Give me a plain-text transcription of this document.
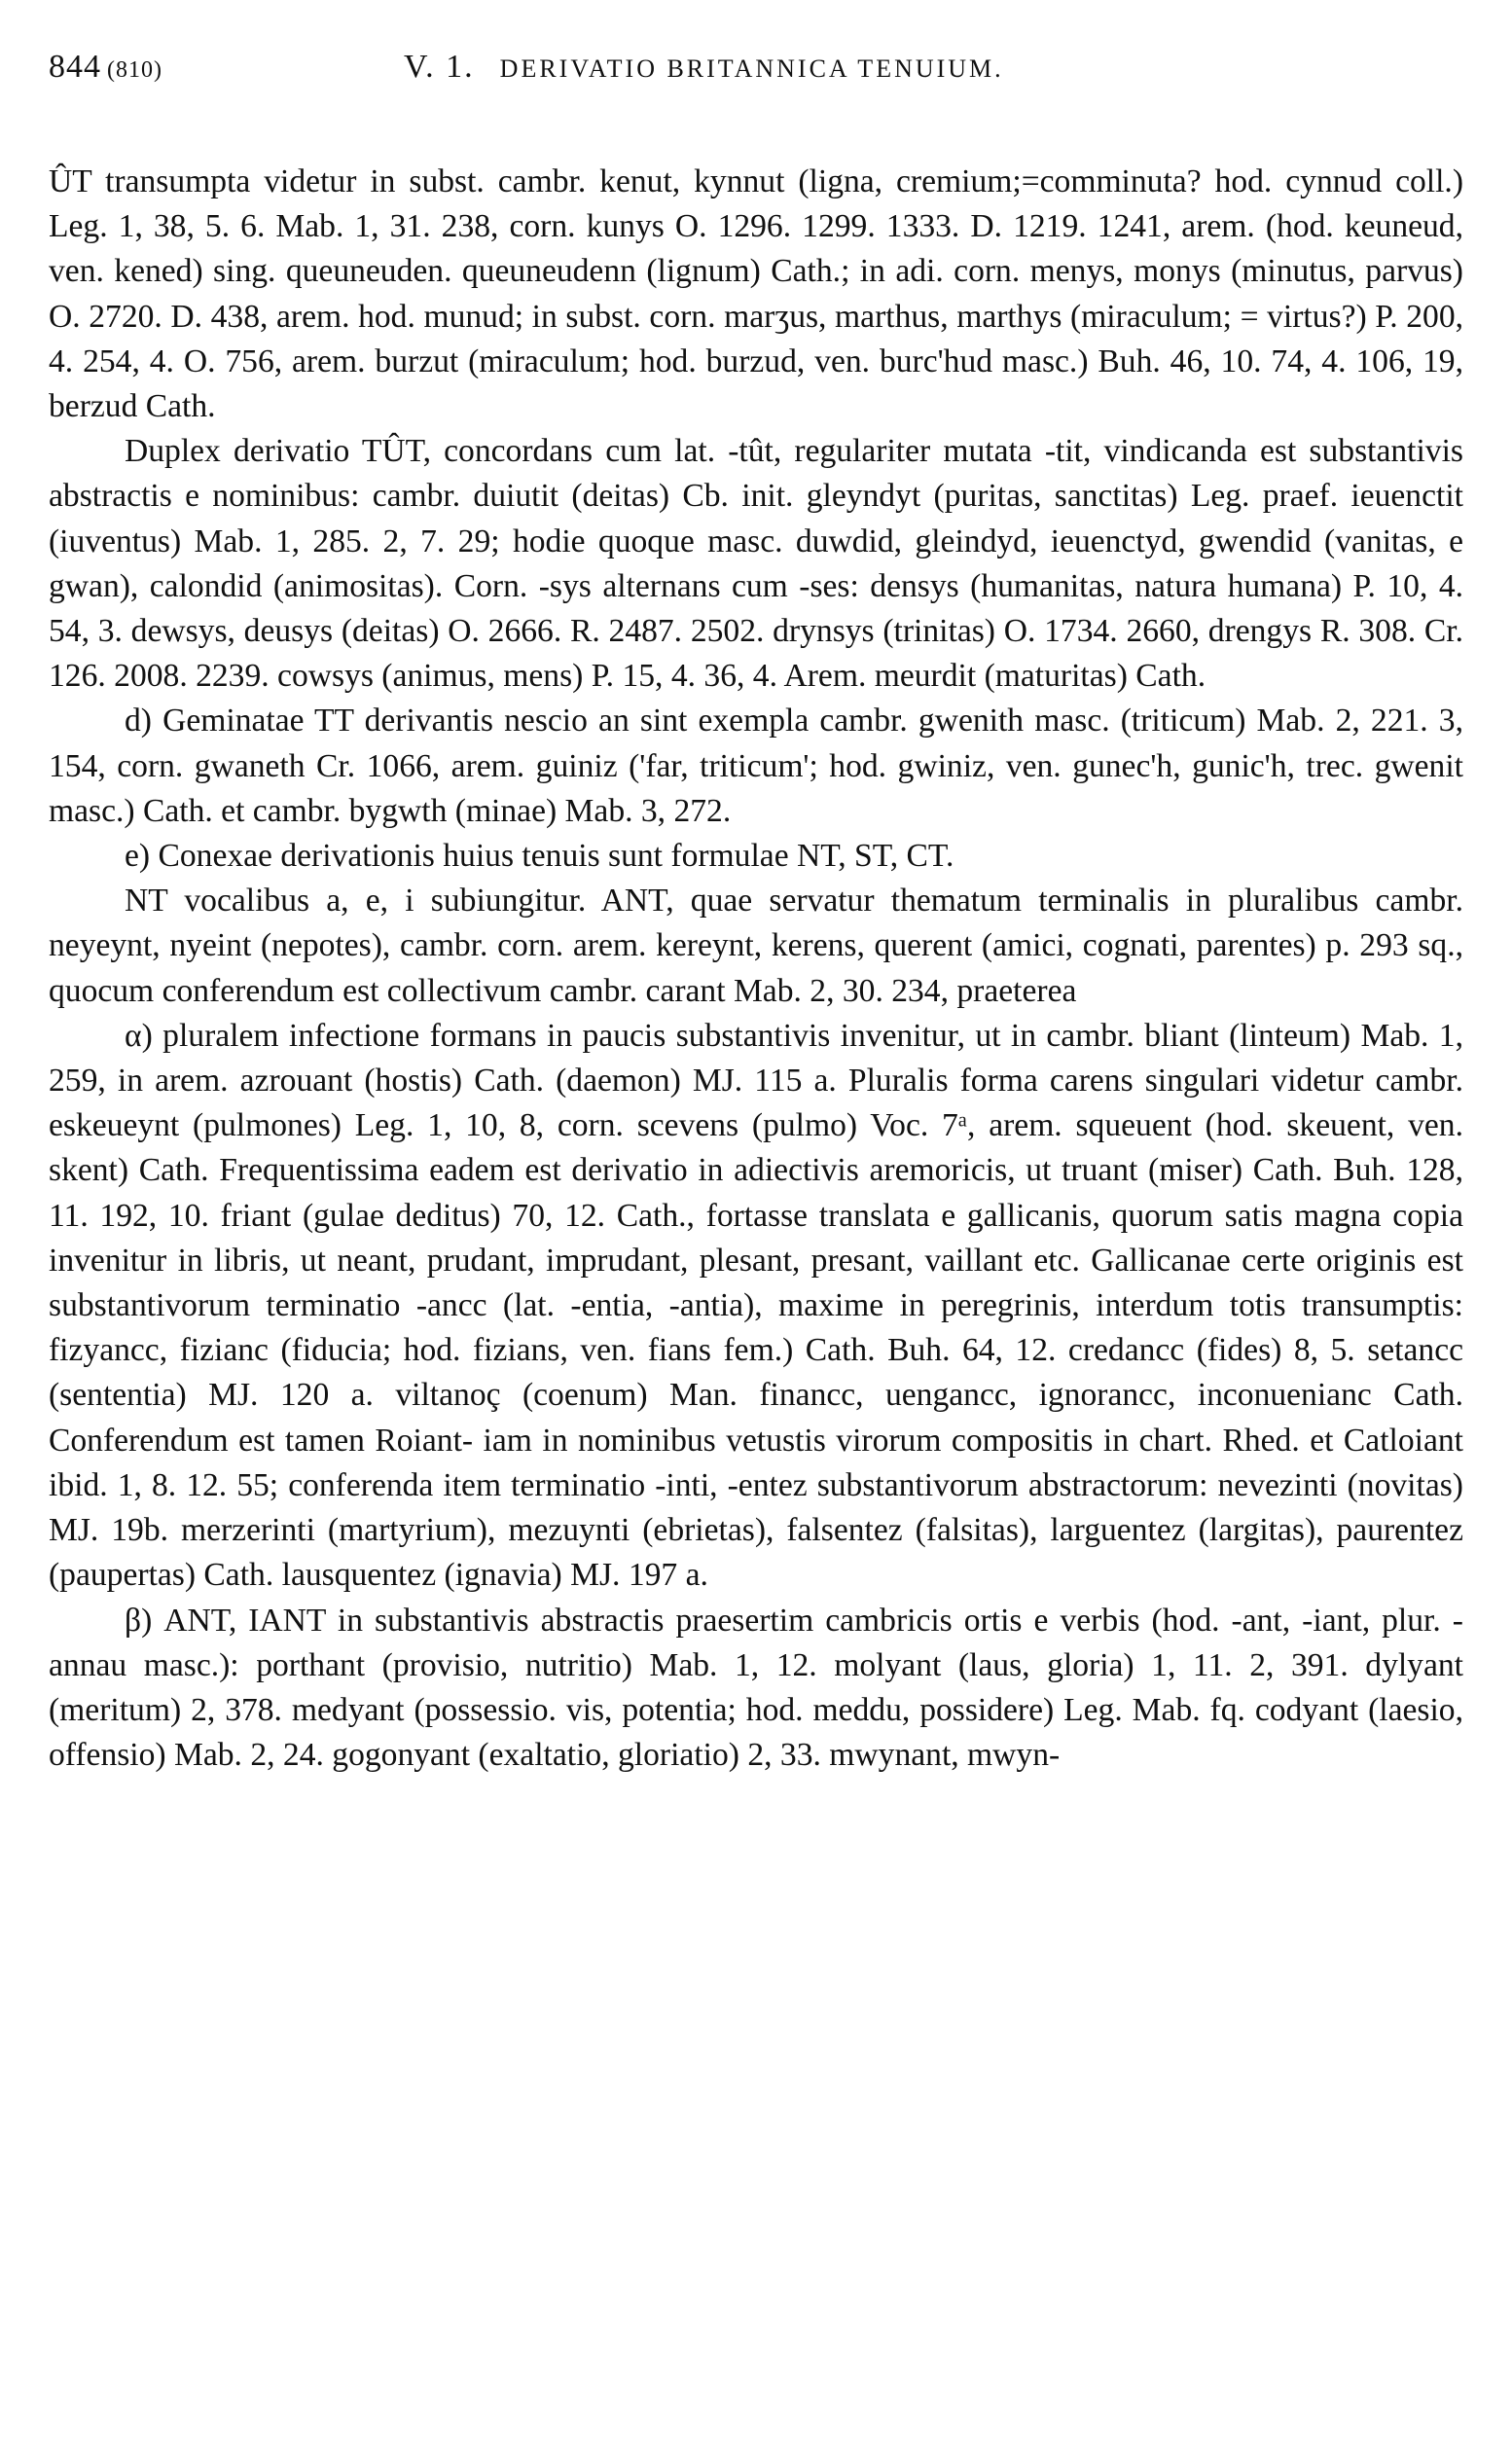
844 (810)	V. 1. DERIVATIO BRITANNICA TENUIUM.

ÛT transumpta videtur in subst. cambr. kenut, kynnut (ligna, cremium;=comminuta? hod. cynnud coll.) Leg. 1, 38, 5. 6. Mab. 1, 31. 238, corn. kunys O. 1296. 1299. 1333. D. 1219. 1241, arem. (hod. keuneud, ven. kened) sing. queuneuden. queuneudenn (lignum) Cath.; in adi. corn. menys, monys (minutus, parvus) O. 2720. D. 438, arem. hod. munud; in subst. corn. marʒus, marthus, marthys (miraculum; = virtus?) P. 200, 4. 254, 4. O. 756, arem. burzut (miraculum; hod. burzud, ven. burc'hud masc.) Buh. 46, 10. 74, 4. 106, 19, berzud Cath.

Duplex derivatio TÛT, concordans cum lat. -tût, regulariter mutata -tit, vindicanda est substantivis abstractis e nominibus: cambr. duiutit (deitas) Cb. init. gleyndyt (puritas, sanctitas) Leg. praef. ieuenctit (iuventus) Mab. 1, 285. 2, 7. 29; hodie quoque masc. duwdid, gleindyd, ieuenctyd, gwendid (vanitas, e gwan), calondid (animositas). Corn. -sys alternans cum -ses: densys (humanitas, natura humana) P. 10, 4. 54, 3. dewsys, deusys (deitas) O. 2666. R. 2487. 2502. drynsys (trinitas) O. 1734. 2660, drengys R. 308. Cr. 126. 2008. 2239. cowsys (animus, mens) P. 15, 4. 36, 4. Arem. meurdit (maturitas) Cath.

d) Geminatae TT derivantis nescio an sint exempla cambr. gwenith masc. (triticum) Mab. 2, 221. 3, 154, corn. gwaneth Cr. 1066, arem. guiniz ('far, triticum'; hod. gwiniz, ven. gunec'h, gunic'h, trec. gwenit masc.) Cath. et cambr. bygwth (minae) Mab. 3, 272.

e) Conexae derivationis huius tenuis sunt formulae NT, ST, CT.

NT vocalibus a, e, i subiungitur. ANT, quae servatur thematum terminalis in pluralibus cambr. neyeynt, nyeint (nepotes), cambr. corn. arem. kereynt, kerens, querent (amici, cognati, parentes) p. 293 sq., quocum conferendum est collectivum cambr. carant Mab. 2, 30. 234, praeterea

α) pluralem infectione formans in paucis substantivis invenitur, ut in cambr. bliant (linteum) Mab. 1, 259, in arem. azrouant (hostis) Cath. (daemon) MJ. 115 a. Pluralis forma carens singulari videtur cambr. eskeueynt (pulmones) Leg. 1, 10, 8, corn. scevens (pulmo) Voc. 7ᵃ, arem. squeuent (hod. skeuent, ven. skent) Cath. Frequentissima eadem est derivatio in adiectivis aremoricis, ut truant (miser) Cath. Buh. 128, 11. 192, 10. friant (gulae deditus) 70, 12. Cath., fortasse translata e gallicanis, quorum satis magna copia invenitur in libris, ut neant, prudant, imprudant, plesant, presant, vaillant etc. Gallicanae certe originis est substantivorum terminatio -ancc (lat. -entia, -antia), maxime in peregrinis, interdum totis transumptis: fizyancc, fizianc (fiducia; hod. fizians, ven. fians fem.) Cath. Buh. 64, 12. credancc (fides) 8, 5. setancc (sententia) MJ. 120 a. viltanoç (coenum) Man. financc, uengancc, ignorancc, inconuenianc Cath. Conferendum est tamen Roiant- iam in nominibus vetustis virorum compositis in chart. Rhed. et Catloiant ibid. 1, 8. 12. 55; conferenda item terminatio -inti, -entez substantivorum abstractorum: nevezinti (novitas) MJ. 19b. merzerinti (martyrium), mezuynti (ebrietas), falsentez (falsitas), larguentez (largitas), paurentez (paupertas) Cath. lausquentez (ignavia) MJ. 197 a.

β) ANT, IANT in substantivis abstractis praesertim cambricis ortis e verbis (hod. -ant, -iant, plur. -annau masc.): porthant (provisio, nutritio) Mab. 1, 12. molyant (laus, gloria) 1, 11. 2, 391. dylyant (meritum) 2, 378. medyant (possessio. vis, potentia; hod. meddu, possidere) Leg. Mab. fq. codyant (laesio, offensio) Mab. 2, 24. gogonyant (exaltatio, gloriatio) 2, 33. mwynant, mwyn-
